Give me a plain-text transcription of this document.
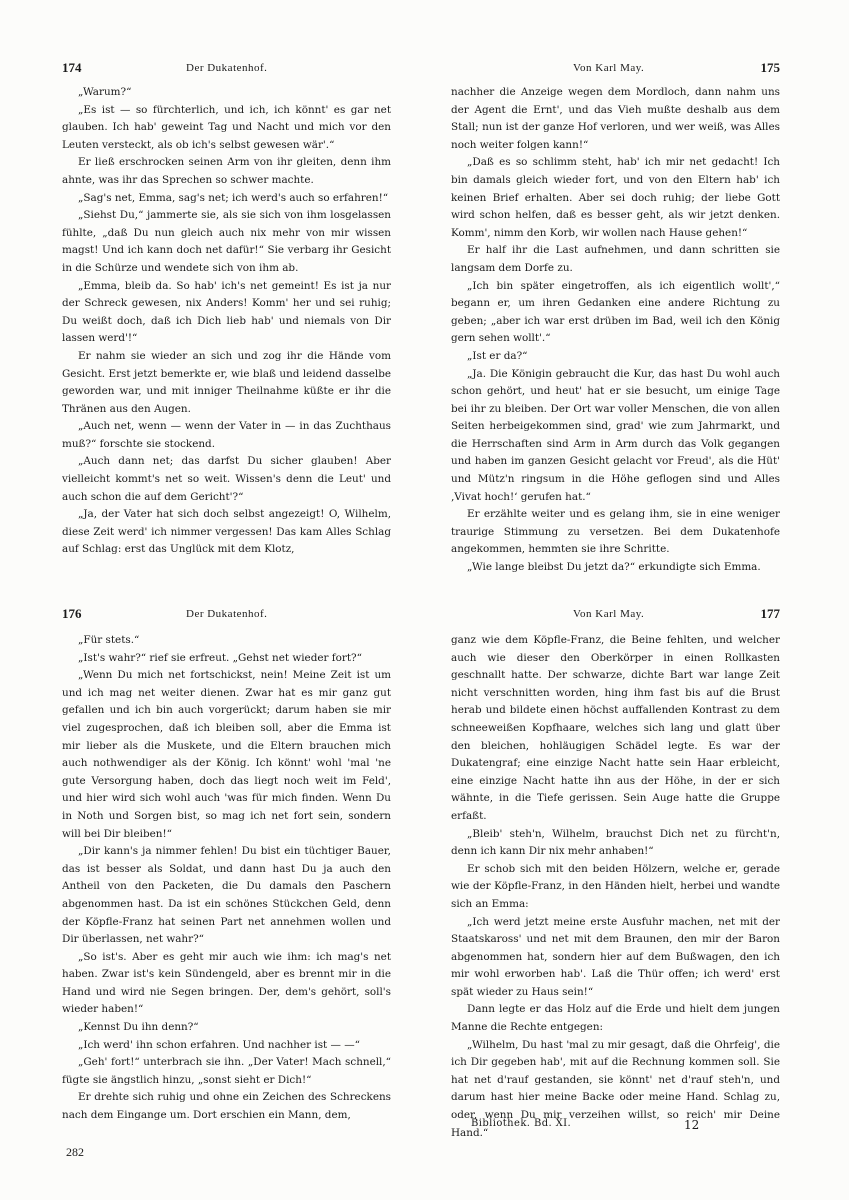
174	Der Dukatenhof.

„Warum?“

„Es ist — so fürchterlich, und ich, ich könnt' es gar net glauben. Ich hab' geweint Tag und Nacht und mich vor den Leuten versteckt, als ob ich's selbst gewesen wär'.“

Er ließ erschrocken seinen Arm von ihr gleiten, denn ihm ahnte, was ihr das Sprechen so schwer machte.

„Sag's net, Emma, sag's net; ich werd's auch so erfahren!“

„Siehst Du,“ jammerte sie, als sie sich von ihm losgelassen fühlte, „daß Du nun gleich auch nix mehr von mir wissen magst! Und ich kann doch net dafür!“ Sie verbarg ihr Gesicht in die Schürze und wendete sich von ihm ab.

„Emma, bleib da. So hab' ich's net gemeint! Es ist ja nur der Schreck gewesen, nix Anders! Komm' her und sei ruhig; Du weißt doch, daß ich Dich lieb hab' und niemals von Dir lassen werd'!“

Er nahm sie wieder an sich und zog ihr die Hände vom Gesicht. Erst jetzt bemerkte er, wie blaß und leidend dasselbe geworden war, und mit inniger Theilnahme küßte er ihr die Thränen aus den Augen.

„Auch net, wenn — wenn der Vater in — in das Zuchthaus muß?“ forschte sie stockend.

„Auch dann net; das darfst Du sicher glauben! Aber vielleicht kommt's net so weit. Wissen's denn die Leut' und auch schon die auf dem Gericht'?“

„Ja, der Vater hat sich doch selbst angezeigt! O, Wilhelm, diese Zeit werd' ich nimmer vergessen! Das kam Alles Schlag auf Schlag: erst das Unglück mit dem Klotz,

Von Karl May.	175

nachher die Anzeige wegen dem Mordloch, dann nahm uns der Agent die Ernt', und das Vieh mußte deshalb aus dem Stall; nun ist der ganze Hof verloren, und wer weiß, was Alles noch weiter folgen kann!“

„Daß es so schlimm steht, hab' ich mir net gedacht! Ich bin damals gleich wieder fort, und von den Eltern hab' ich keinen Brief erhalten. Aber sei doch ruhig; der liebe Gott wird schon helfen, daß es besser geht, als wir jetzt denken. Komm', nimm den Korb, wir wollen nach Hause gehen!“

Er half ihr die Last aufnehmen, und dann schritten sie langsam dem Dorfe zu.

„Ich bin später eingetroffen, als ich eigentlich wollt',“ begann er, um ihren Gedanken eine andere Richtung zu geben; „aber ich war erst drüben im Bad, weil ich den König gern sehen wollt'.“

„Ist er da?“

„Ja. Die Königin gebraucht die Kur, das hast Du wohl auch schon gehört, und heut' hat er sie besucht, um einige Tage bei ihr zu bleiben. Der Ort war voller Menschen, die von allen Seiten herbeigekommen sind, grad' wie zum Jahrmarkt, und die Herrschaften sind Arm in Arm durch das Volk gegangen und haben im ganzen Gesicht gelacht vor Freud', als die Hüt' und Mütz'n ringsum in die Höhe geflogen sind und Alles ‚Vivat hoch!‘ gerufen hat.“

Er erzählte weiter und es gelang ihm, sie in eine weniger traurige Stimmung zu versetzen. Bei dem Dukatenhofe angekommen, hemmten sie ihre Schritte.

„Wie lange bleibst Du jetzt da?“ erkundigte sich Emma.

176	Der Dukatenhof.

„Für stets.“

„Ist's wahr?“ rief sie erfreut. „Gehst net wieder fort?“

„Wenn Du mich net fortschickst, nein! Meine Zeit ist um und ich mag net weiter dienen. Zwar hat es mir ganz gut gefallen und ich bin auch vorgerückt; darum haben sie mir viel zugesprochen, daß ich bleiben soll, aber die Emma ist mir lieber als die Muskete, und die Eltern brauchen mich auch nothwendiger als der König. Ich könnt' wohl 'mal 'ne gute Versorgung haben, doch das liegt noch weit im Feld', und hier wird sich wohl auch 'was für mich finden. Wenn Du in Noth und Sorgen bist, so mag ich net fort sein, sondern will bei Dir bleiben!“

„Dir kann's ja nimmer fehlen! Du bist ein tüchtiger Bauer, das ist besser als Soldat, und dann hast Du ja auch den Antheil von den Packeten, die Du damals den Paschern abgenommen hast. Da ist ein schönes Stückchen Geld, denn der Köpfle-Franz hat seinen Part net annehmen wollen und Dir überlassen, net wahr?“

„So ist's. Aber es geht mir auch wie ihm: ich mag's net haben. Zwar ist's kein Sündengeld, aber es brennt mir in die Hand und wird nie Segen bringen. Der, dem's gehört, soll's wieder haben!“

„Kennst Du ihn denn?“

„Ich werd' ihn schon erfahren. Und nachher ist — —“

„Geh' fort!“ unterbrach sie ihn. „Der Vater! Mach schnell,“ fügte sie ängstlich hinzu, „sonst sieht er Dich!“

Er drehte sich ruhig und ohne ein Zeichen des Schreckens nach dem Eingange um. Dort erschien ein Mann, dem,

282
Von Karl May.	177

ganz wie dem Köpfle-Franz, die Beine fehlten, und welcher auch wie dieser den Oberkörper in einen Rollkasten geschnallt hatte. Der schwarze, dichte Bart war lange Zeit nicht verschnitten worden, hing ihm fast bis auf die Brust herab und bildete einen höchst auffallenden Kontrast zu dem schneeweißen Kopfhaare, welches sich lang und glatt über den bleichen, hohläugigen Schädel legte. Es war der Dukatengraf; eine einzige Nacht hatte sein Haar erbleicht, eine einzige Nacht hatte ihn aus der Höhe, in der er sich wähnte, in die Tiefe gerissen. Sein Auge hatte die Gruppe erfaßt.

„Bleib' steh'n, Wilhelm, brauchst Dich net zu fürcht'n, denn ich kann Dir nix mehr anhaben!“

Er schob sich mit den beiden Hölzern, welche er, gerade wie der Köpfle-Franz, in den Händen hielt, herbei und wandte sich an Emma:

„Ich werd jetzt meine erste Ausfuhr machen, net mit der Staatskaross' und net mit dem Braunen, den mir der Baron abgenommen hat, sondern hier auf dem Bußwagen, den ich mir wohl erworben hab'. Laß die Thür offen; ich werd' erst spät wieder zu Haus sein!“

Dann legte er das Holz auf die Erde und hielt dem jungen Manne die Rechte entgegen:

„Wilhelm, Du hast 'mal zu mir gesagt, daß die Ohrfeig', die ich Dir gegeben hab', mit auf die Rechnung kommen soll. Sie hat net d'rauf gestanden, sie könnt' net d'rauf steh'n, und darum hast hier meine Backe oder meine Hand. Schlag zu, oder, wenn Du mir verzeihen willst, so reich' mir Deine Hand.“

Bibliothek. Bd. XI.	12
